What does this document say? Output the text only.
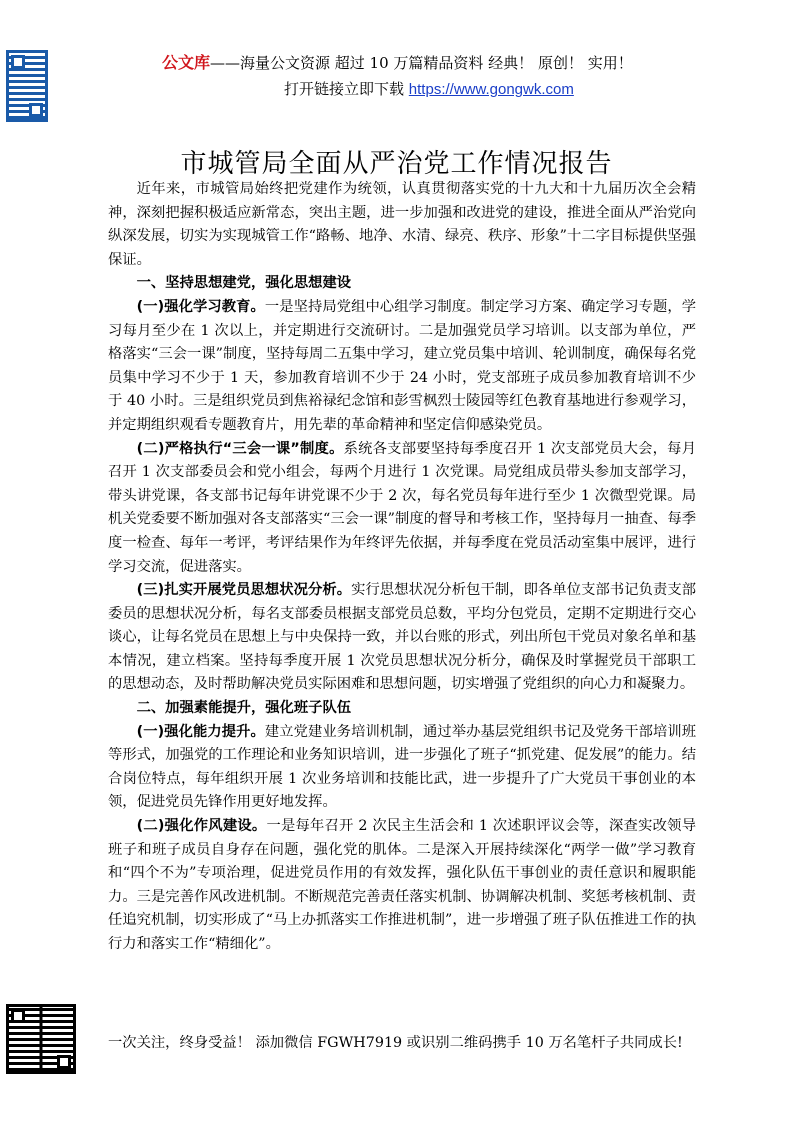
公文库——海量公文资源 超过 10 万篇精品资料 经典！ 原创！ 实用！
打开链接立即下载 https://www.gongwk.com
市城管局全面从严治党工作情况报告

近年来，市城管局始终把党建作为统领，认真贯彻落实党的十九大和十九届历次全会精神，深刻把握积极适应新常态，突出主题，进一步加强和改进党的建设，推进全面从严治党向纵深发展，切实为实现城管工作“路畅、地净、水清、绿亮、秩序、形象”十二字目标提供坚强保证。

一、坚持思想建党，强化思想建设

(一)强化学习教育。一是坚持局党组中心组学习制度。制定学习方案、确定学习专题，学习每月至少在 1 次以上，并定期进行交流研讨。二是加强党员学习培训。以支部为单位，严格落实“三会一课”制度，坚持每周二五集中学习，建立党员集中培训、轮训制度，确保每名党员集中学习不少于 1 天，参加教育培训不少于 24 小时，党支部班子成员参加教育培训不少于 40 小时。三是组织党员到焦裕禄纪念馆和彭雪枫烈士陵园等红色教育基地进行参观学习，并定期组织观看专题教育片，用先辈的革命精神和坚定信仰感染党员。

(二)严格执行“三会一课”制度。系统各支部要坚持每季度召开 1 次支部党员大会，每月召开 1 次支部委员会和党小组会，每两个月进行 1 次党课。局党组成员带头参加支部学习，带头讲党课，各支部书记每年讲党课不少于 2 次，每名党员每年进行至少 1 次微型党课。局机关党委要不断加强对各支部落实“三会一课”制度的督导和考核工作，坚持每月一抽查、每季度一检查、每年一考评，考评结果作为年终评先依据，并每季度在党员活动室集中展评，进行学习交流，促进落实。

(三)扎实开展党员思想状况分析。实行思想状况分析包干制，即各单位支部书记负责支部委员的思想状况分析，每名支部委员根据支部党员总数，平均分包党员，定期不定期进行交心谈心，让每名党员在思想上与中央保持一致，并以台账的形式，列出所包干党员对象名单和基本情况，建立档案。坚持每季度开展 1 次党员思想状况分析分，确保及时掌握党员干部职工的思想动态，及时帮助解决党员实际困难和思想问题，切实增强了党组织的向心力和凝聚力。

二、加强素能提升，强化班子队伍

(一)强化能力提升。建立党建业务培训机制，通过举办基层党组织书记及党务干部培训班等形式，加强党的工作理论和业务知识培训，进一步强化了班子“抓党建、促发展”的能力。结合岗位特点，每年组织开展 1 次业务培训和技能比武，进一步提升了广大党员干事创业的本领，促进党员先锋作用更好地发挥。

(二)强化作风建设。一是每年召开 2 次民主生活会和 1 次述职评议会等，深查实改领导班子和班子成员自身存在问题，强化党的肌体。二是深入开展持续深化“两学一做”学习教育和“四个不为”专项治理，促进党员作用的有效发挥，强化队伍干事创业的责任意识和履职能力。三是完善作风改进机制。不断规范完善责任落实机制、协调解决机制、奖惩考核机制、责任追究机制，切实形成了“马上办抓落实工作推进机制”，进一步增强了班子队伍推进工作的执行力和落实工作“精细化”。

一次关注，终身受益！ 添加微信 FGWH7919 或识别二维码携手 10 万名笔杆子共同成长!
